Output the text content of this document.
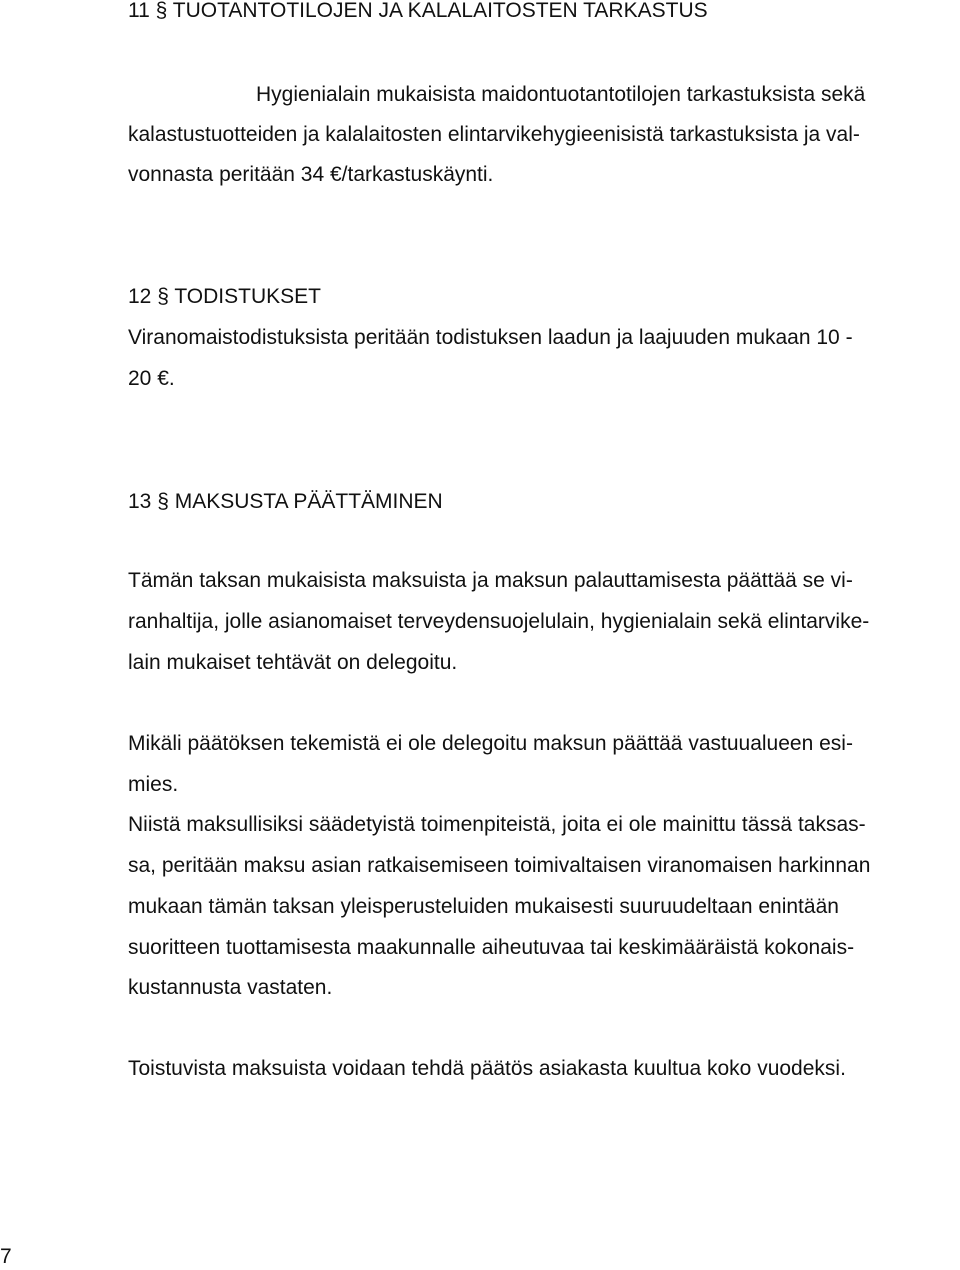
11 § TUOTANTOTILOJEN JA KALALAITOSTEN TARKASTUS

Hygienialain mukaisista maidontuotantotilojen tarkastuksista sekä

kalastustuotteiden ja kalalaitosten elintarvikehygieenisistä tarkastuksista ja val-

vonnasta peritään 34 €/tarkastuskäynti.

12 § TODISTUKSET

Viranomaistodistuksista peritään todistuksen laadun ja laajuuden mukaan 10 -

20 €.

13 § MAKSUSTA PÄÄTTÄMINEN

Tämän taksan mukaisista maksuista ja maksun palauttamisesta päättää se vi-

ranhaltija, jolle asianomaiset terveydensuojelulain, hygienialain sekä elintarvike-

lain mukaiset tehtävät on delegoitu.

Mikäli päätöksen tekemistä ei ole delegoitu maksun päättää vastuualueen esi-

mies.

Niistä maksullisiksi säädetyistä toimenpiteistä, joita ei ole mainittu tässä taksas-

sa, peritään maksu asian ratkaisemiseen toimivaltaisen viranomaisen harkinnan

mukaan tämän taksan yleisperusteluiden mukaisesti suuruudeltaan enintään

suoritteen tuottamisesta maakunnalle aiheutuvaa tai keskimääräistä kokonais-

kustannusta vastaten.

Toistuvista maksuista voidaan tehdä päätös asiakasta kuultua koko vuodeksi.

7
